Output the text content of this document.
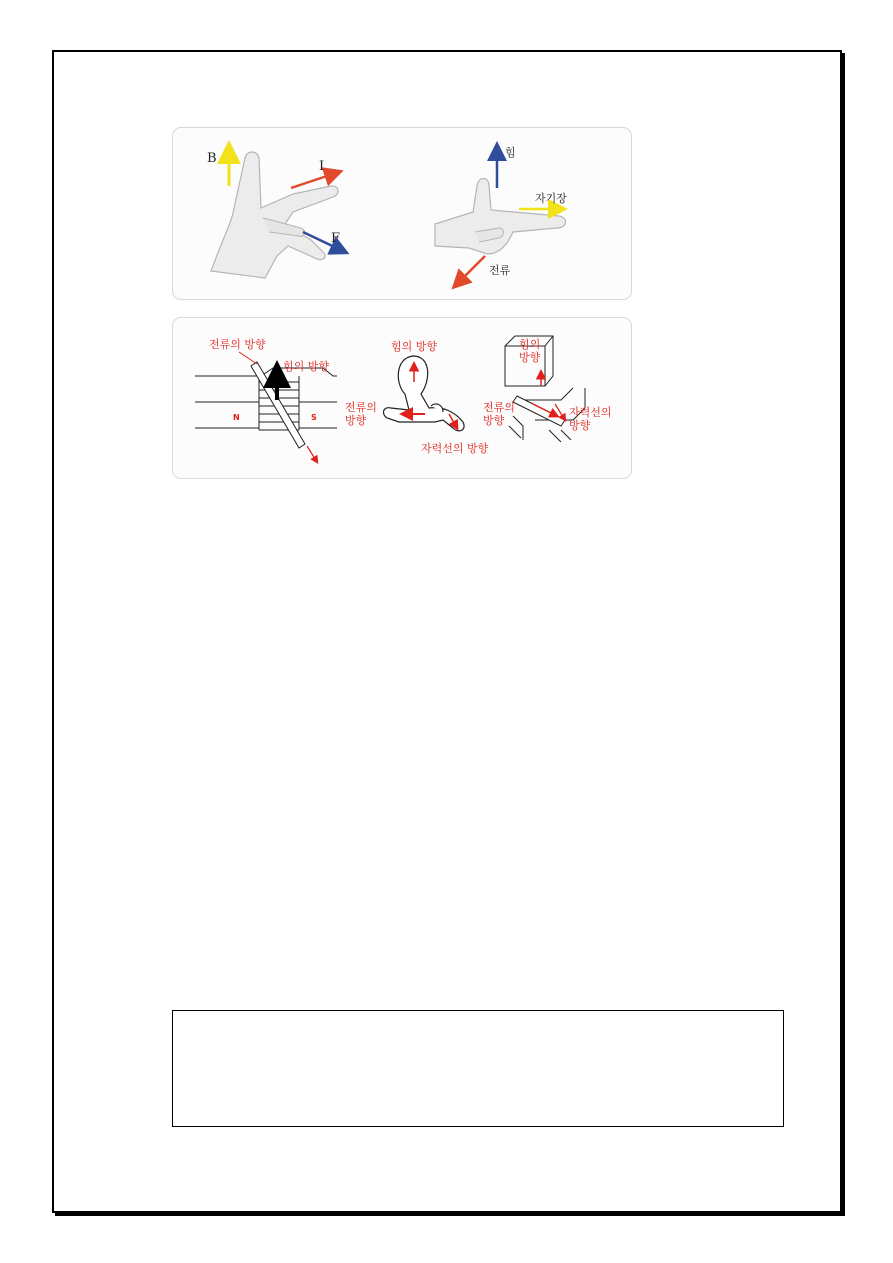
B
I
F
힘
자기장
전류
전류의 방향
힘의 방향
N	S
힘의 방향
전류의
방향
자력선의 방향
힘의
방향
전류의
방향
자력선의
방향
